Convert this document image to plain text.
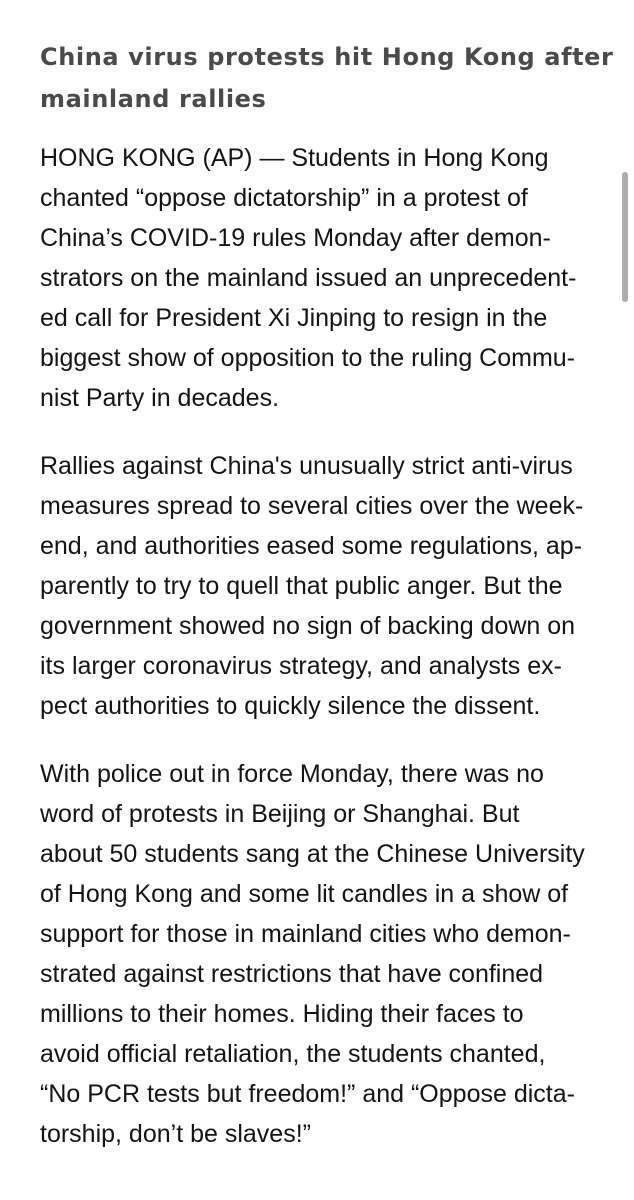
China virus protests hit Hong Kong after
mainland rallies

HONG KONG (AP) — Students in Hong Kong
chanted “oppose dictatorship” in a protest of
China’s COVID-19 rules Monday after demon-
strators on the mainland issued an unprecedent-
ed call for President Xi Jinping to resign in the
biggest show of opposition to the ruling Commu-
nist Party in decades.

Rallies against China's unusually strict anti-virus
measures spread to several cities over the week-
end, and authorities eased some regulations, ap-
parently to try to quell that public anger. But the
government showed no sign of backing down on
its larger coronavirus strategy, and analysts ex-
pect authorities to quickly silence the dissent.

With police out in force Monday, there was no
word of protests in Beijing or Shanghai. But
about 50 students sang at the Chinese University
of Hong Kong and some lit candles in a show of
support for those in mainland cities who demon-
strated against restrictions that have confined
millions to their homes. Hiding their faces to
avoid official retaliation, the students chanted,
“No PCR tests but freedom!” and “Oppose dicta-
torship, don’t be slaves!”
